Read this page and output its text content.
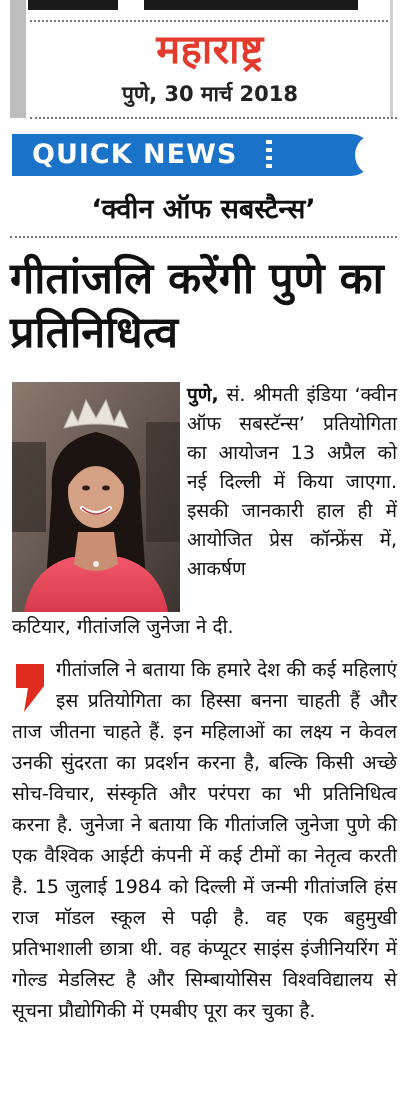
महाराष्ट्र
पुणे, 30 मार्च 2018
QUICK NEWS
‘क्वीन ऑफ सबस्टैन्स’
गीतांजलि करेंगी पुणे का प्रतिनिधित्व

पुणे, सं. श्रीमती इंडिया ‘क्वीन ऑफ सबस्टॅन्स’ प्रतियोगिता का आयोजन 13 अप्रैल को नई दिल्ली में किया जाएगा. इसकी जानकारी हाल ही में आयोजित प्रेस कॉन्फ्रेंस में, आकर्षण

कटियार, गीतांजलि जुनेजा ने दी.

गीतांजलि ने बताया कि हमारे देश की कई महिलाएं इस प्रतियोगिता का हिस्सा बनना चाहती हैं और ताज जीतना चाहते हैं. इन महिलाओं का लक्ष्य न केवल उनकी सुंदरता का प्रदर्शन करना है, बल्कि किसी अच्छे सोच-विचार, संस्कृति और परंपरा का भी प्रतिनिधित्व करना है. जुनेजा ने बताया कि गीतांजलि जुनेजा पुणे की एक वैश्विक आईटी कंपनी में कई टीमों का नेतृत्व करती है. 15 जुलाई 1984 को दिल्ली में जन्मी गीतांजलि हंस राज मॉडल स्कूल से पढ़ी है. वह एक बहुमुखी प्रतिभाशाली छात्रा थी. वह कंप्यूटर साइंस इंजीनियरिंग में गोल्ड मेडलिस्ट है और सिम्बायोसिस विश्वविद्यालय से सूचना प्रौद्योगिकी में एमबीए पूरा कर चुका है.
